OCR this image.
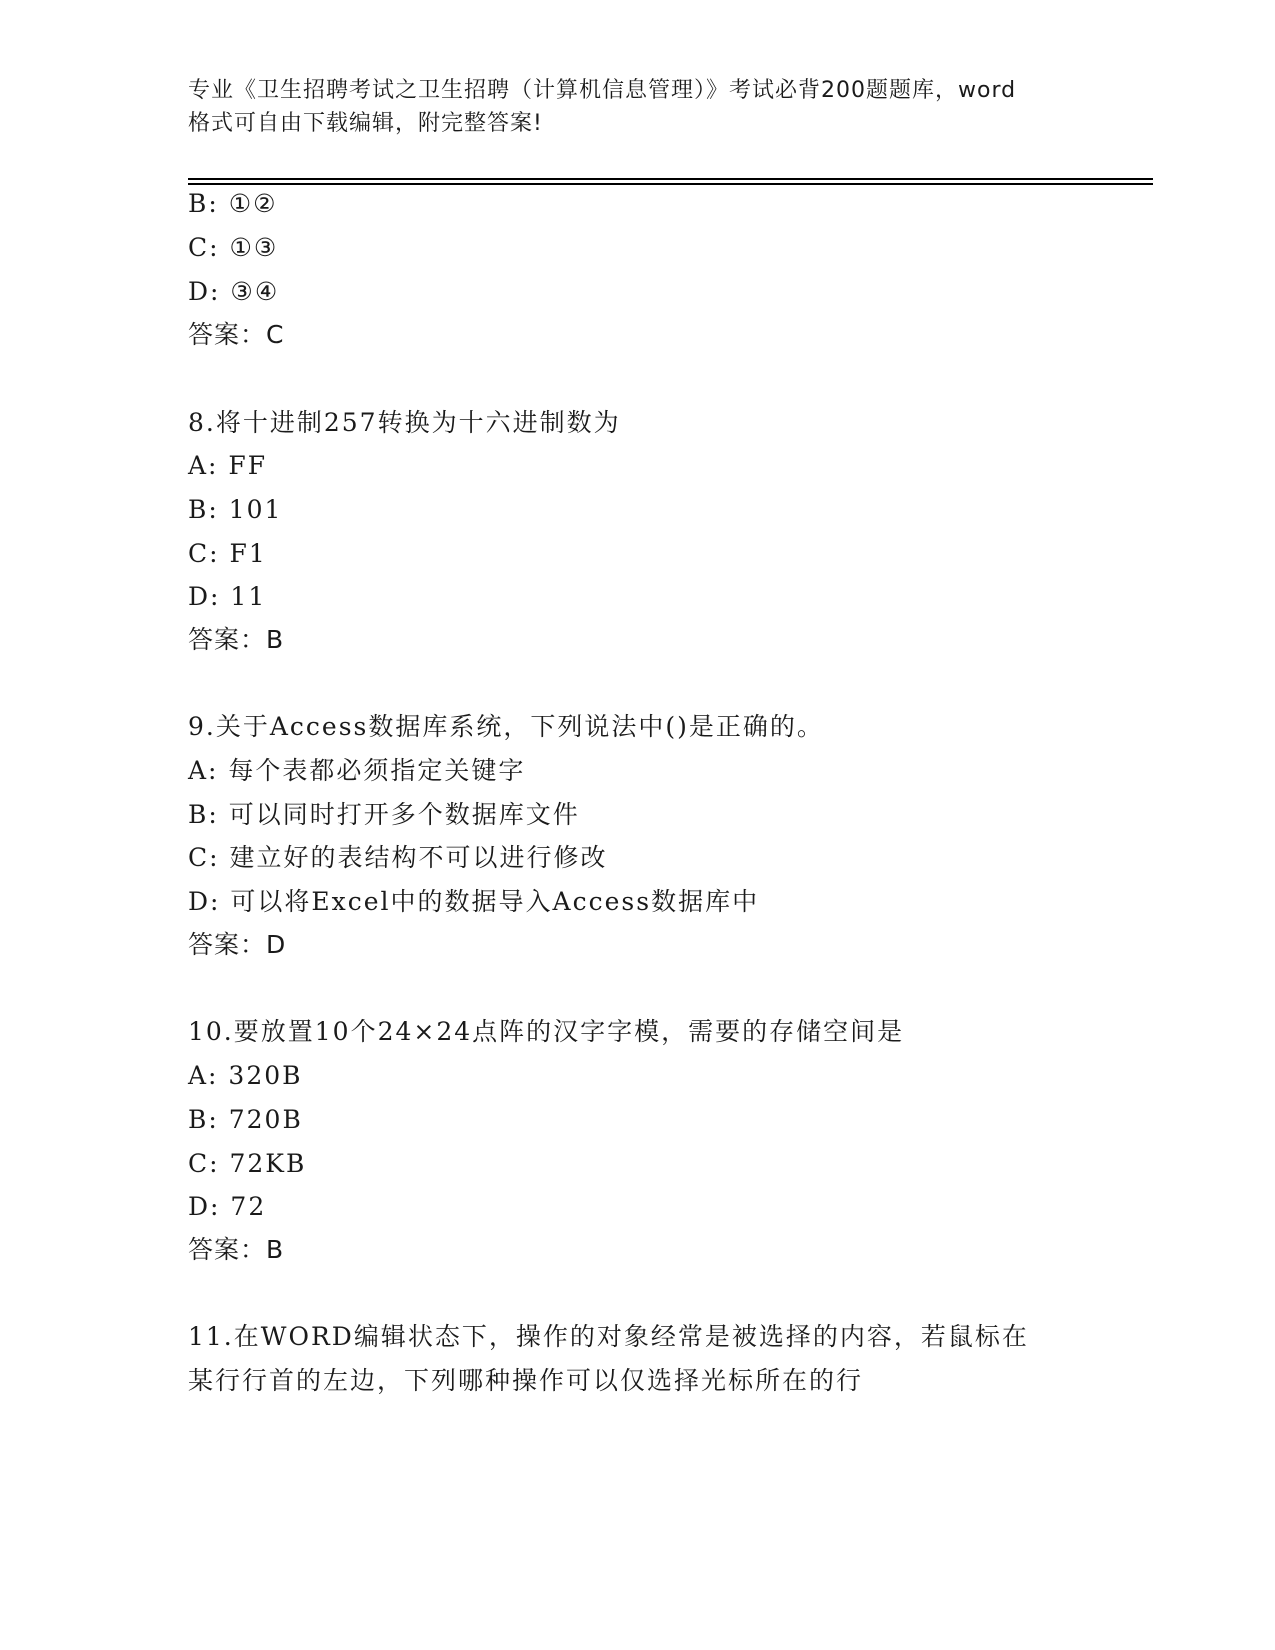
专业《卫生招聘考试之卫生招聘（计算机信息管理）》考试必背200题题库，word
格式可自由下载编辑，附完整答案!
B: ①②
C: ①③
D: ③④
答案：C
8.将十进制257转换为十六进制数为
A: FF
B: 101
C: F1
D: 11
答案：B
9.关于Access数据库系统，下列说法中()是正确的。
A: 每个表都必须指定关键字
B: 可以同时打开多个数据库文件
C: 建立好的表结构不可以进行修改
D: 可以将Excel中的数据导入Access数据库中
答案：D
10.要放置10个24×24点阵的汉字字模，需要的存储空间是
A: 320B
B: 720B
C: 72KB
D: 72
答案：B
11.在WORD编辑状态下，操作的对象经常是被选择的内容，若鼠标在
某行行首的左边，下列哪种操作可以仅选择光标所在的行
